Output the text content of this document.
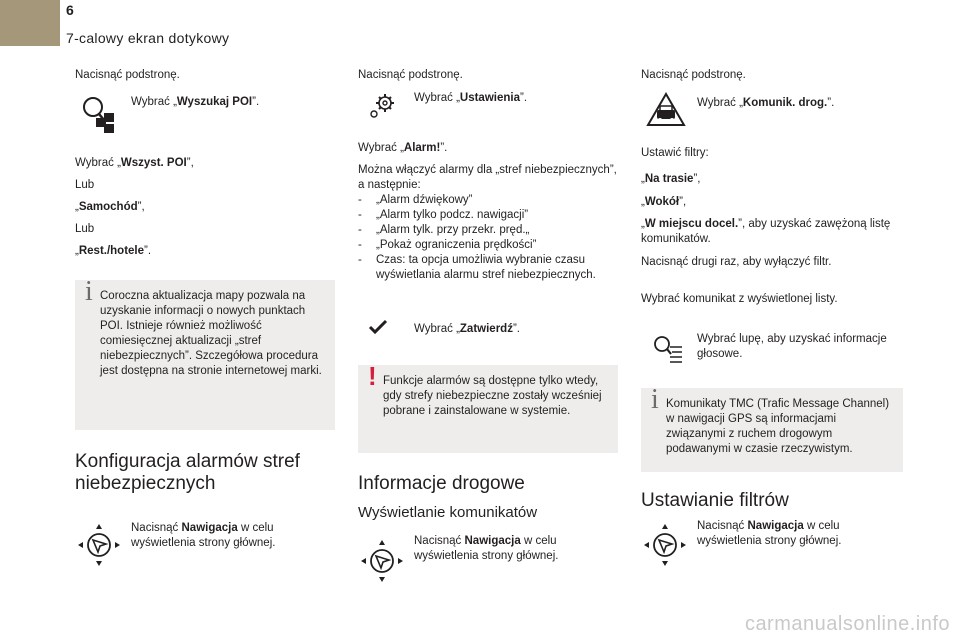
6
7-calowy ekran dotykowy
Nacisnąć podstronę.
Wybrać „Wyszukaj POI”.
Wybrać „Wszyst. POI”,
Lub
„Samochód”,
Lub
„Rest./hotele”.
i Coroczna aktualizacja mapy pozwala na uzyskanie informacji o nowych punktach POI. Istnieje również możliwość comiesięcznej aktualizacji „stref niebezpiecznych”. Szczegółowa procedura jest dostępna na stronie internetowej marki.
Konfiguracja alarmów stref niebezpiecznych
Nacisnąć Nawigacja w celu wyświetlenia strony głównej.
Nacisnąć podstronę.
Wybrać „Ustawienia”.
Wybrać „Alarm!”.
Można włączyć alarmy dla „stref niebezpiecznych”, a następnie:
- „Alarm dźwiękowy”
- „Alarm tylko podcz. nawigacji”
- „Alarm tylk. przy przekr. pręd.„
- „Pokaż ograniczenia prędkości”
- Czas: ta opcja umożliwia wybranie czasu wyświetlania alarmu stref niebezpiecznych.
Wybrać „Zatwierdź”.
! Funkcje alarmów są dostępne tylko wtedy, gdy strefy niebezpieczne zostały wcześniej pobrane i zainstalowane w systemie.
Informacje drogowe
Wyświetlanie komunikatów
Nacisnąć Nawigacja w celu wyświetlenia strony głównej.
Nacisnąć podstronę.
Wybrać „Komunik. drog.”.
Ustawić filtry:
„Na trasie”,
„Wokół”,
„W miejscu docel.”, aby uzyskać zawężoną listę komunikatów.
Nacisnąć drugi raz, aby wyłączyć filtr.
Wybrać komunikat z wyświetlonej listy.
Wybrać lupę, aby uzyskać informacje głosowe.
i Komunikaty TMC (Trafic Message Channel) w nawigacji GPS są informacjami związanymi z ruchem drogowym podawanymi w czasie rzeczywistym.
Ustawianie filtrów
Nacisnąć Nawigacja w celu wyświetlenia strony głównej.
carmanualsonline.info
